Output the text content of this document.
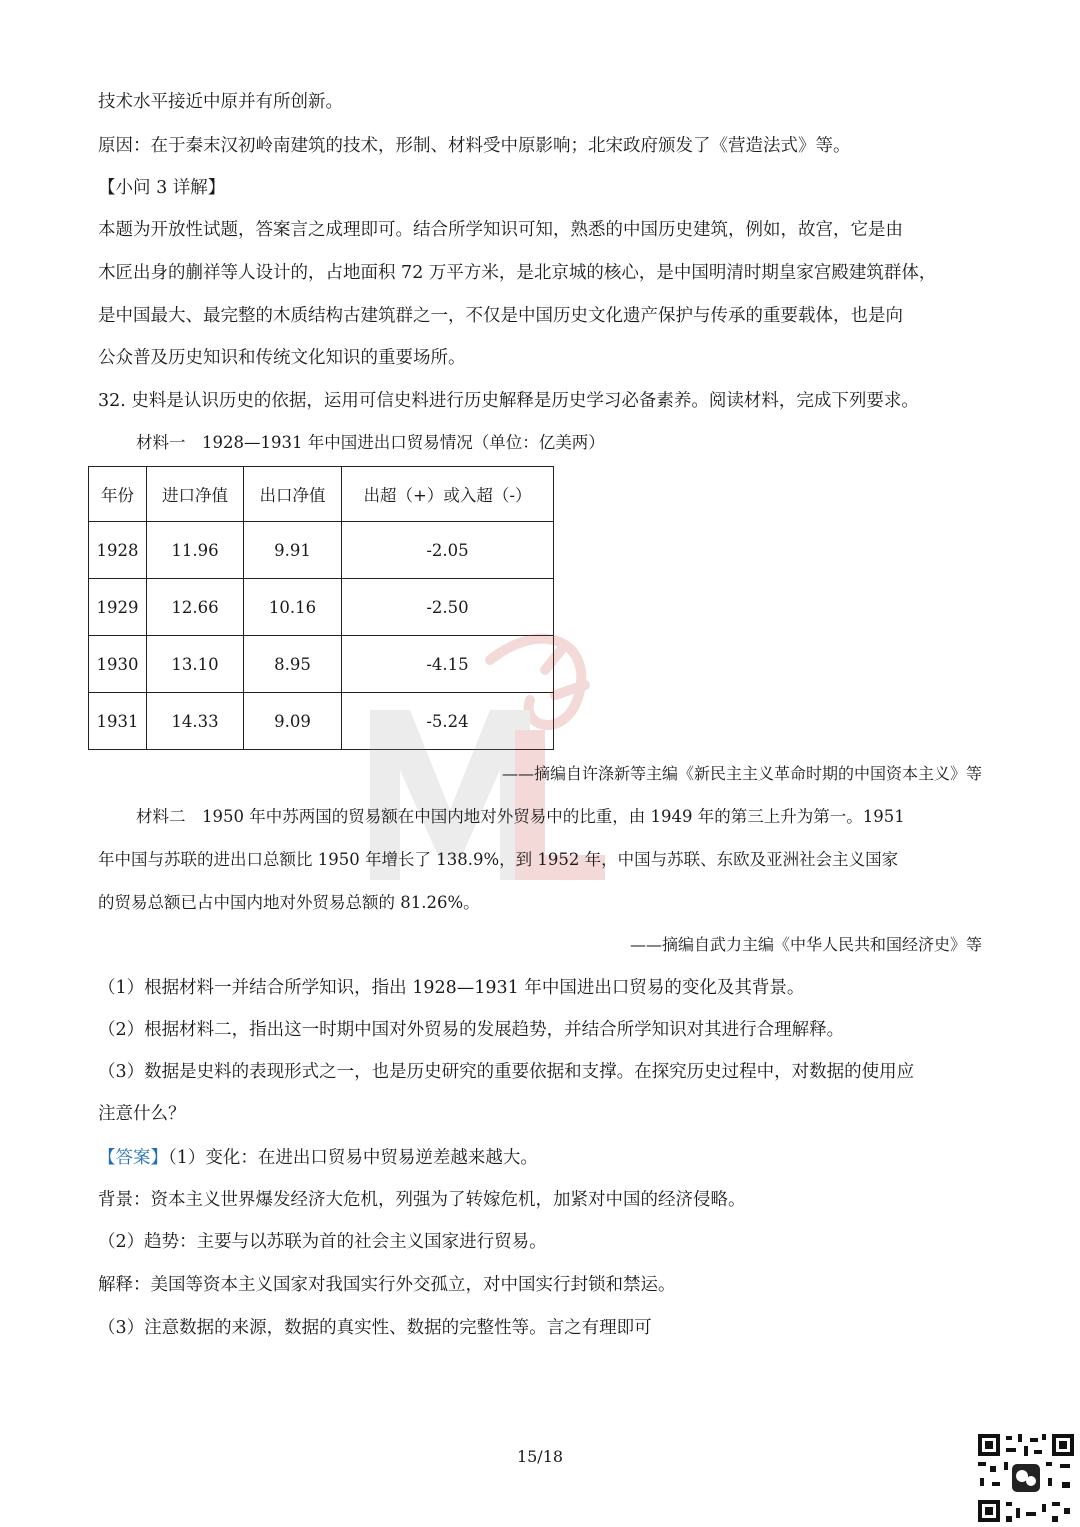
技术水平接近中原并有所创新。
原因：在于秦末汉初岭南建筑的技术，形制、材料受中原影响；北宋政府颁发了《营造法式》等。
【小问 3 详解】
本题为开放性试题，答案言之成理即可。结合所学知识可知，熟悉的中国历史建筑，例如，故宫，它是由
木匠出身的蒯祥等人设计的，占地面积 72 万平方米，是北京城的核心，是中国明清时期皇家宫殿建筑群体，
是中国最大、最完整的木质结构古建筑群之一，不仅是中国历史文化遗产保护与传承的重要载体，也是向
公众普及历史知识和传统文化知识的重要场所。
32. 史料是认识历史的依据，运用可信史料进行历史解释是历史学习必备素养。阅读材料，完成下列要求。
材料一　1928—1931 年中国进出口贸易情况（单位：亿美两）
年份	进口净值	出口净值	出超（+）或入超（-）
1928	11.96	9.91	-2.05
1929	12.66	10.16	-2.50
1930	13.10	8.95	-4.15
1931	14.33	9.09	-5.24
——摘编自许涤新等主编《新民主主义革命时期的中国资本主义》等
材料二　1950 年中苏两国的贸易额在中国内地对外贸易中的比重，由 1949 年的第三上升为第一。1951
年中国与苏联的进出口总额比 1950 年增长了 138.9%，到 1952 年，中国与苏联、东欧及亚洲社会主义国家
的贸易总额已占中国内地对外贸易总额的 81.26%。
——摘编自武力主编《中华人民共和国经济史》等
（1）根据材料一并结合所学知识，指出 1928—1931 年中国进出口贸易的变化及其背景。
（2）根据材料二，指出这一时期中国对外贸易的发展趋势，并结合所学知识对其进行合理解释。
（3）数据是史料的表现形式之一，也是历史研究的重要依据和支撑。在探究历史过程中，对数据的使用应
注意什么？
【答案】（1）变化：在进出口贸易中贸易逆差越来越大。
背景：资本主义世界爆发经济大危机，列强为了转嫁危机，加紧对中国的经济侵略。
（2）趋势：主要与以苏联为首的社会主义国家进行贸易。
解释：美国等资本主义国家对我国实行外交孤立，对中国实行封锁和禁运。
（3）注意数据的来源，数据的真实性、数据的完整性等。言之有理即可
15/18
